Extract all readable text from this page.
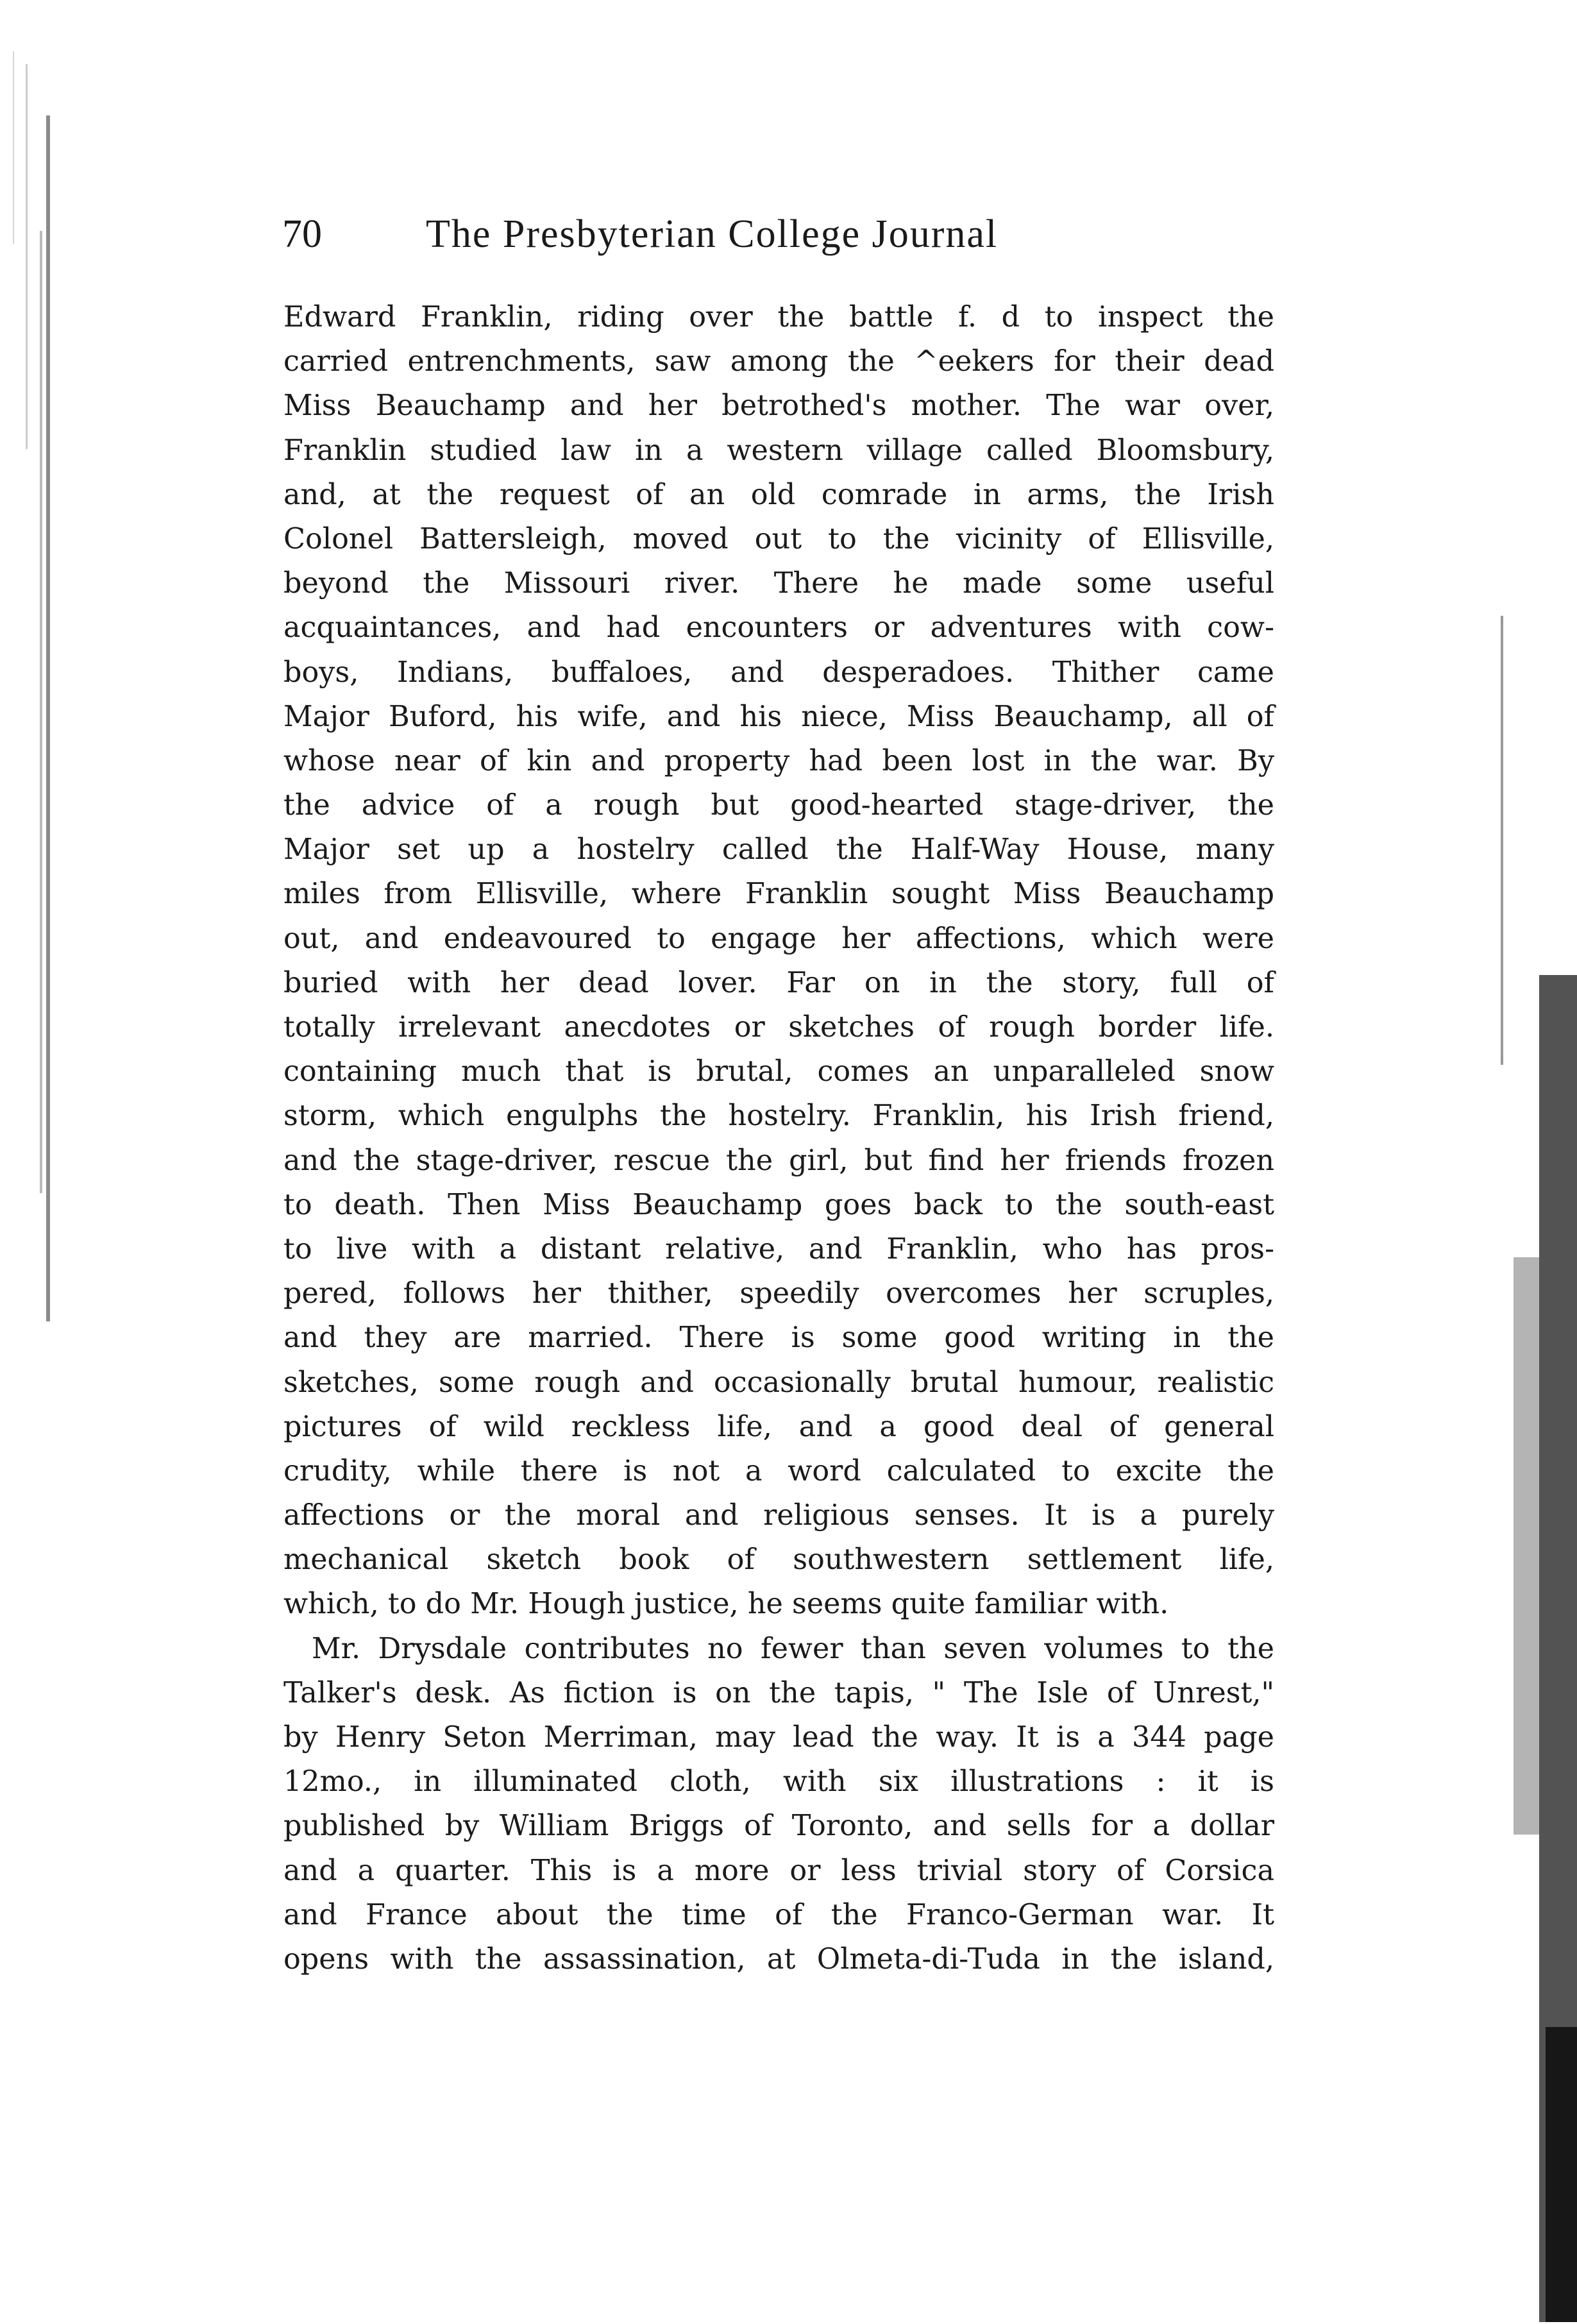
70	The Presbyterian College Journal
Edward Franklin, riding over the battle f. d to inspect the
carried entrenchments, saw among the ^eekers for their dead
Miss Beauchamp and her betrothed's mother. The war over,
Franklin studied law in a western village called Bloomsbury,
and, at the request of an old comrade in arms, the Irish
Colonel Battersleigh, moved out to the vicinity of Ellisville,
beyond the Missouri river. There he made some useful
acquaintances, and had encounters or adventures with cow-
boys, Indians, buffaloes, and desperadoes. Thither came
Major Buford, his wife, and his niece, Miss Beauchamp, all of
whose near of kin and property had been lost in the war. By
the advice of a rough but good-hearted stage-driver, the
Major set up a hostelry called the Half-Way House, many
miles from Ellisville, where Franklin sought Miss Beauchamp
out, and endeavoured to engage her affections, which were
buried with her dead lover. Far on in the story, full of
totally irrelevant anecdotes or sketches of rough border life.
containing much that is brutal, comes an unparalleled snow
storm, which engulphs the hostelry. Franklin, his Irish friend,
and the stage-driver, rescue the girl, but find her friends frozen
to death. Then Miss Beauchamp goes back to the south-east
to live with a distant relative, and Franklin, who has pros-
pered, follows her thither, speedily overcomes her scruples,
and they are married. There is some good writing in the
sketches, some rough and occasionally brutal humour, realistic
pictures of wild reckless life, and a good deal of general
crudity, while there is not a word calculated to excite the
affections or the moral and religious senses. It is a purely
mechanical sketch book of southwestern settlement life,
which, to do Mr. Hough justice, he seems quite familiar with.
Mr. Drysdale contributes no fewer than seven volumes to the
Talker's desk. As fiction is on the tapis, " The Isle of Unrest,"
by Henry Seton Merriman, may lead the way. It is a 344 page
12mo., in illuminated cloth, with six illustrations : it is
published by William Briggs of Toronto, and sells for a dollar
and a quarter. This is a more or less trivial story of Corsica
and France about the time of the Franco-German war. It
opens with the assassination, at Olmeta-di-Tuda in the island,
